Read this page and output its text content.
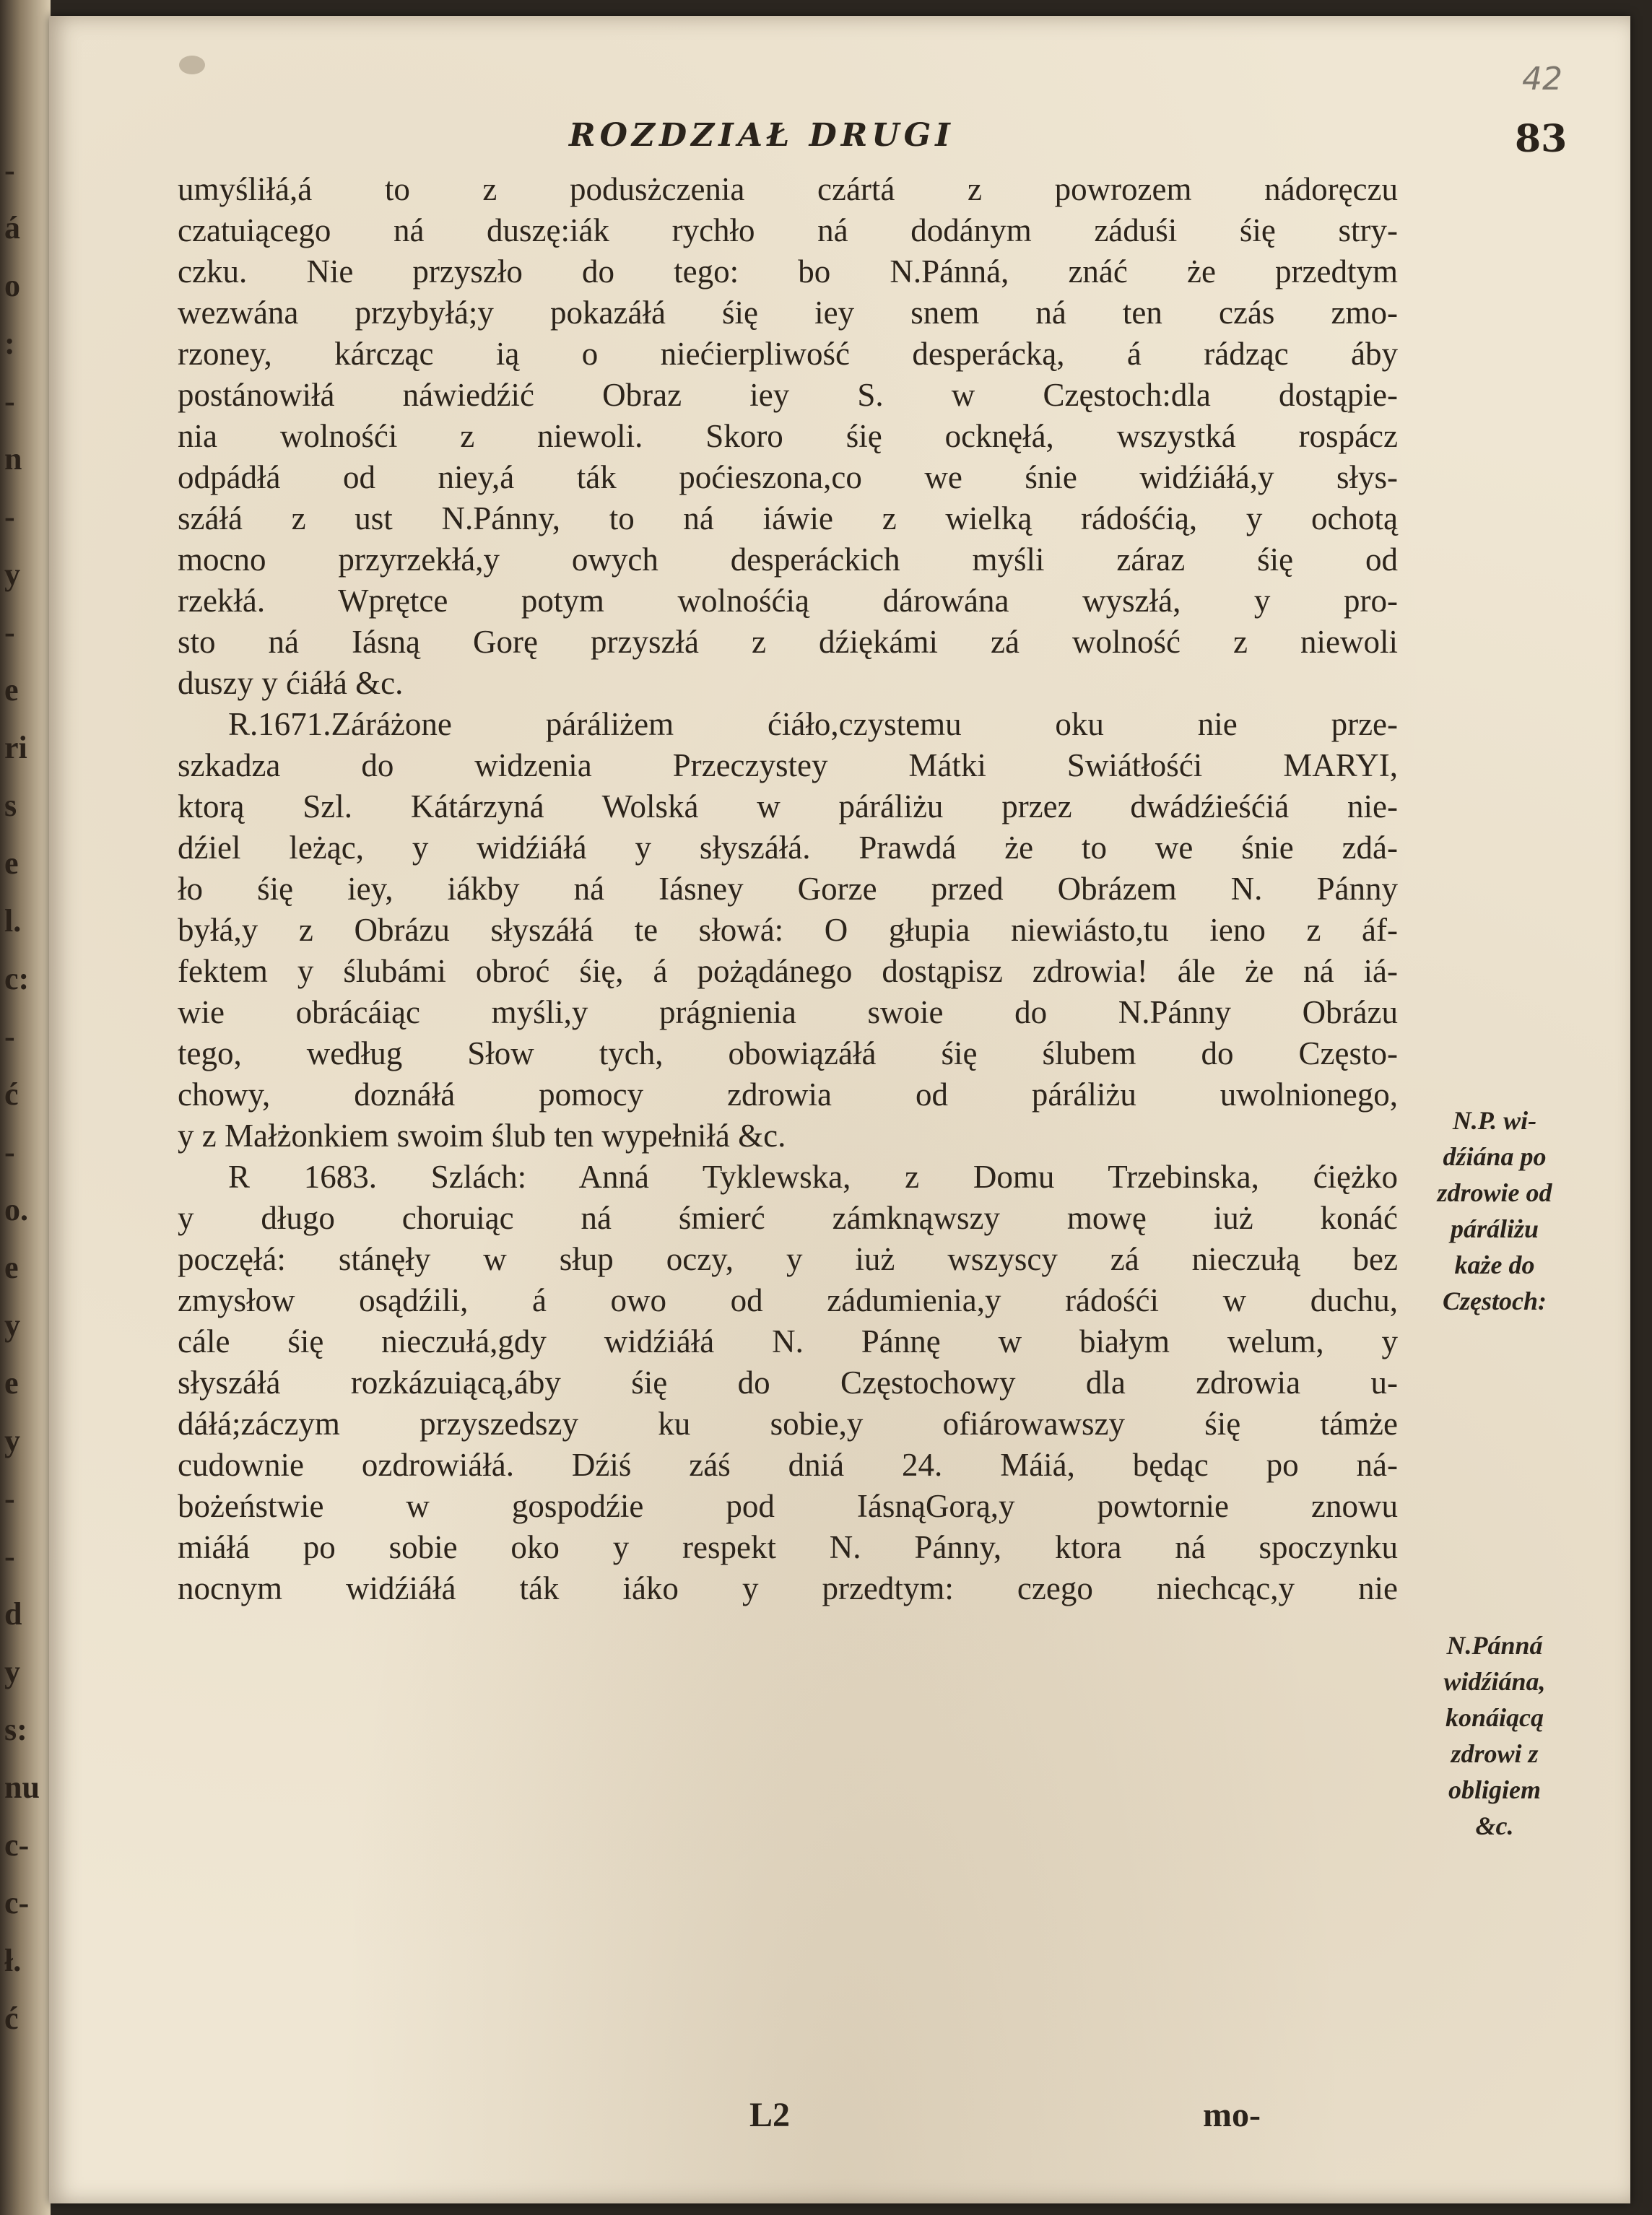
-
á
o
:
-
n
-
y
-
e
ri
s
e
l.
c:
-
ć
-
o.
e
y
e
y
-
-
d
y
s:
nu
c-
c-
ł.
ć
42
ROZDZIAŁ DRUGI	83
umyśliłá,á to z podusżczenia czártá z powrozem nádoręczu
czatuiącego ná duszę:iák rychło ná dodánym záduśi śię stry-
czku. Nie przyszło do tego: bo N.Pánná, znáć że przedtym
wezwána przybyłá;y pokazáłá śię iey snem ná ten czás zmo-
rzoney, kárcząc ią o niećierpliwość desperácką, á rádząc áby
postánowiłá náwiedźić Obraz iey S. w Częstoch:dla dostąpie-
nia wolnośći z niewoli. Skoro śię ocknęłá, wszystká rospácz
odpádłá od niey,á ták poćieszona,co we śnie widźiáłá,y słys-
száłá z ust N.Pánny, to ná iáwie z wielką rádośćią, y ochotą
mocno przyrzekłá,y owych desperáckich myśli záraz śię od
rzekłá. Wprętce potym wolnośćią dárowána wyszłá, y pro-
sto ná Iásną Gorę przyszłá z dźiękámi zá wolność z niewoli
duszy y ćiáłá &c.
R.1671.Záráżone páráliżem ćiáło,czystemu oku nie prze-
szkadza do widzenia Przeczystey Mátki Swiátłośći MARYI,
ktorą Szl. Kátárzyná Wolská w páráliżu przez dwádźieśćiá nie-
dźiel leżąc, y widźiáłá y słyszáłá. Prawdá że to we śnie zdá-
ło śię iey, iákby ná Iásney Gorze przed Obrázem N. Pánny
byłá,y z Obrázu słyszáłá te słowá: O głupia niewiásto,tu ieno z áf-
fektem y ślubámi obroć śię, á pożądánego dostąpisz zdrowia! ále że ná iá-
wie obrácáiąc myśli,y prágnienia swoie do N.Pánny Obrázu
tego, według Słow tych, obowiązáłá śię ślubem do Często-
chowy, doznáłá pomocy zdrowia od páráliżu uwolnionego,
y z Małżonkiem swoim ślub ten wypełniłá &c.
R 1683. Szlách: Anná Tyklewska, z Domu Trzebinska, ćiężko
y długo choruiąc ná śmierć zámknąwszy mowę iuż konáć
poczęłá: stánęły w słup oczy, y iuż wszyscy zá nieczułą bez
zmysłow osądźili, á owo od zádumienia,y rádośći w duchu,
cále śię nieczułá,gdy widźiáłá N. Pánnę w białym welum, y
słyszáłá rozkázuiącą,áby śię do Częstochowy dla zdrowia u-
dáłá;záczym przyszedszy ku sobie,y ofiárowawszy śię támże
cudownie ozdrowiáłá. Dźiś záś dniá 24. Máiá, będąc po ná-
bożeństwie w gospodźie pod IásnąGorą,y powtornie znowu
miáłá po sobie oko y respekt N. Pánny, ktora ná spoczynku
nocnym widźiáłá ták iáko y przedtym: czego niechcąc,y nie
N.P. wi-
dźiána po
zdrowie od
páráliżu
każe do
Częstoch:
N.Pánná
widźiána,
konáiącą
zdrowi z
obligiem
&c.
L2	mo-
